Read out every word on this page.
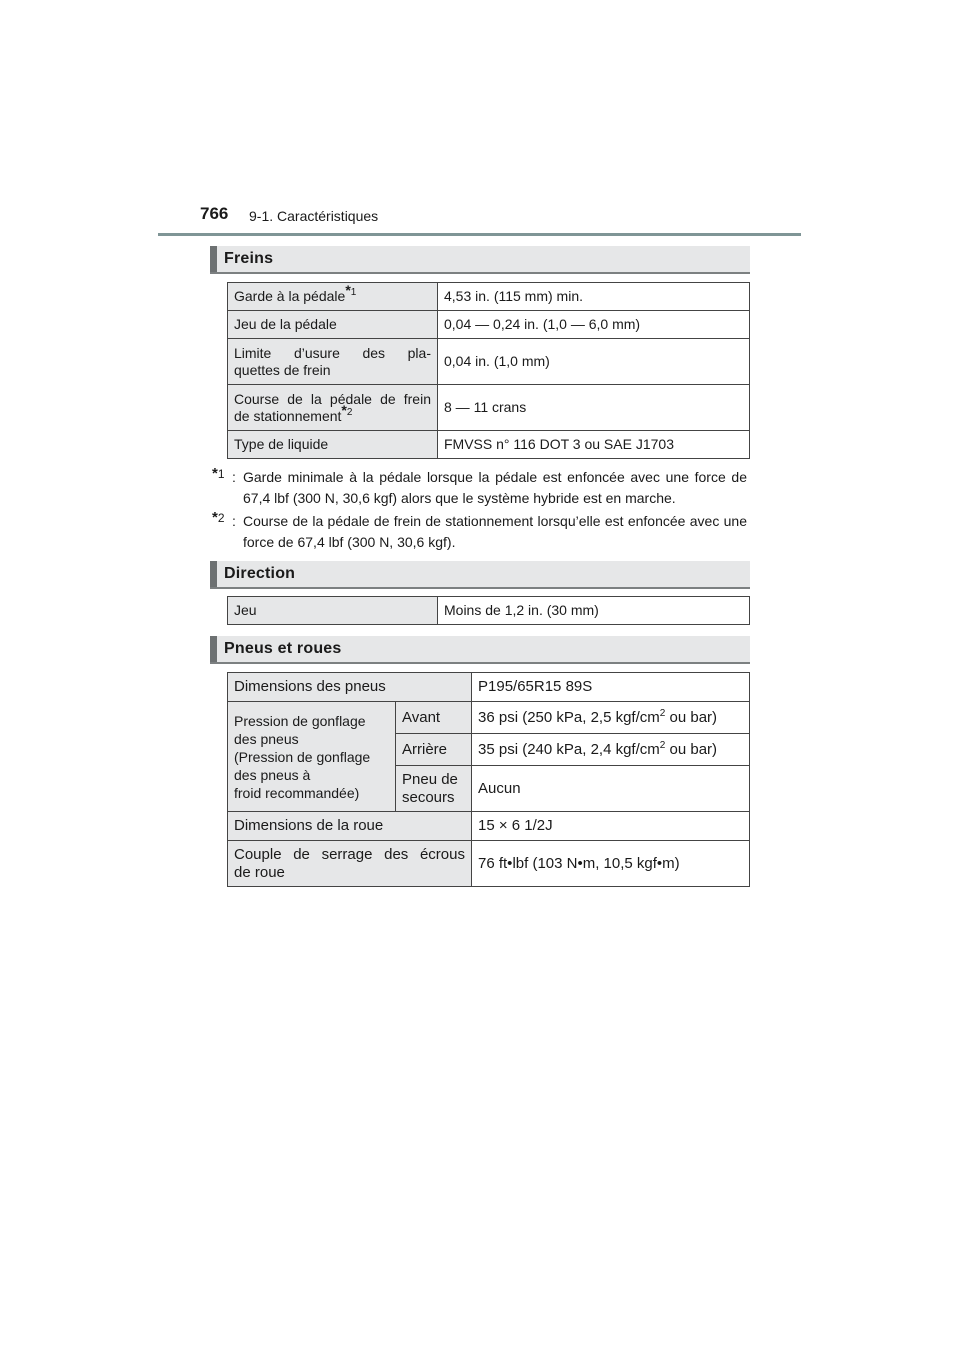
766 9-1. Caractéristiques
Freins
Garde à la pédale$^{*1}$	4,53 in. (115 mm) min.
Jeu de la pédale	0,04 — 0,24 in. (1,0 — 6,0 mm)

Limite d’usure des pla-
quettes de frein	0,04 in. (1,0 mm)

Course de la pédale de frein
de stationnement$^{*2}$	8 — 11 crans
Type de liquide	FMVSS n° 116 DOT 3 ou SAE J1703
*1 : Garde minimale à la pédale lorsque la pédale est enfoncée avec une force de 67,4 lbf (300 N, 30,6 kgf) alors que le système hybride est en marche.
*2 : Course de la pédale de frein de stationnement lorsqu’elle est enfoncée avec une force de 67,4 lbf (300 N, 30,6 kgf).
Direction
Jeu	Moins de 1,2 in. (30 mm)
Pneus et roues
Dimensions des pneus		P195/65R15 89S

Pression de gonflage
des pneus
(Pression de gonflage
des pneus à
froid recommandée)	Avant	36 psi (250 kPa, 2,5 kgf/$cm^2$ ou bar)
	Arrière	35 psi (240 kPa, 2,4 kgf/$cm^2$ ou bar)

	Pneu de
secours	Aucun
Dimensions de la roue		15 × 6 1/2J

Couple de serrage des écrous
de roue		76 ft•lbf (103 N•m, 10,5 kgf•m)
